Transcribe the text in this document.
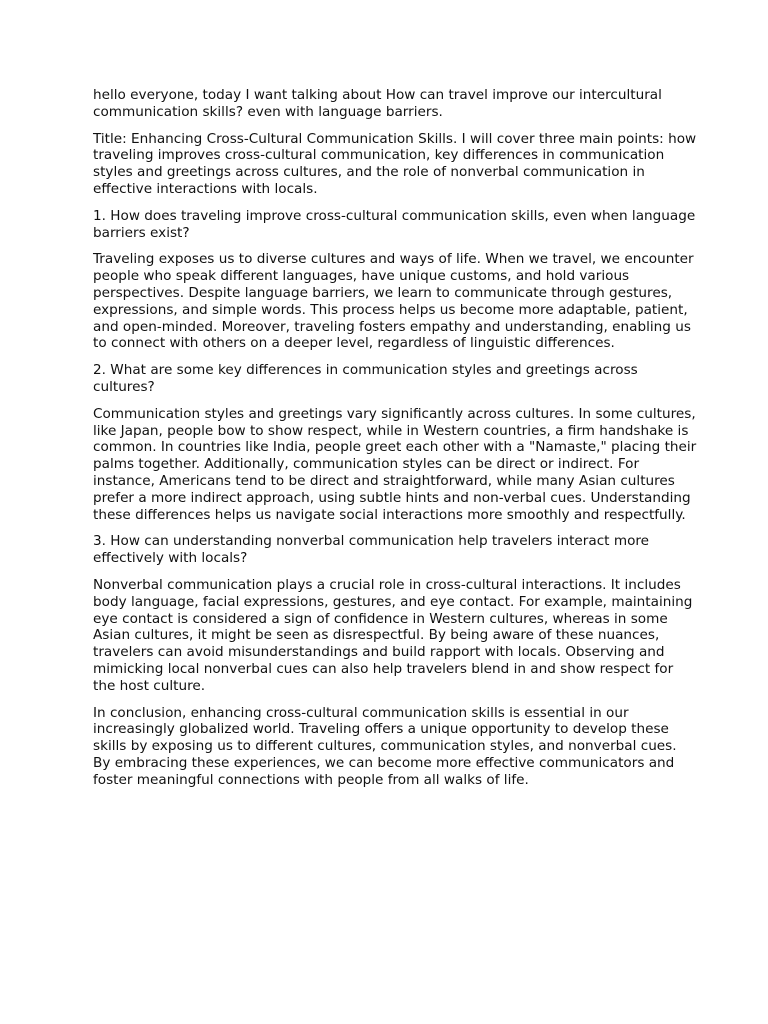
hello everyone, today I want talking about How can travel improve our intercultural communication skills? even with language barriers.

Title: Enhancing Cross-Cultural Communication Skills. I will cover three main points: how traveling improves cross-cultural communication, key differences in communication styles and greetings across cultures, and the role of nonverbal communication in effective interactions with locals.

1. How does traveling improve cross-cultural communication skills, even when language barriers exist?

Traveling exposes us to diverse cultures and ways of life. When we travel, we encounter people who speak different languages, have unique customs, and hold various perspectives. Despite language barriers, we learn to communicate through gestures, expressions, and simple words. This process helps us become more adaptable, patient, and open-minded. Moreover, traveling fosters empathy and understanding, enabling us to connect with others on a deeper level, regardless of linguistic differences.

2. What are some key differences in communication styles and greetings across cultures?

Communication styles and greetings vary significantly across cultures. In some cultures, like Japan, people bow to show respect, while in Western countries, a firm handshake is common. In countries like India, people greet each other with a "Namaste," placing their palms together. Additionally, communication styles can be direct or indirect. For instance, Americans tend to be direct and straightforward, while many Asian cultures prefer a more indirect approach, using subtle hints and non-verbal cues. Understanding these differences helps us navigate social interactions more smoothly and respectfully.

3. How can understanding nonverbal communication help travelers interact more effectively with locals?

Nonverbal communication plays a crucial role in cross-cultural interactions. It includes body language, facial expressions, gestures, and eye contact. For example, maintaining eye contact is considered a sign of confidence in Western cultures, whereas in some Asian cultures, it might be seen as disrespectful. By being aware of these nuances, travelers can avoid misunderstandings and build rapport with locals. Observing and mimicking local nonverbal cues can also help travelers blend in and show respect for the host culture.

In conclusion, enhancing cross-cultural communication skills is essential in our increasingly globalized world. Traveling offers a unique opportunity to develop these skills by exposing us to different cultures, communication styles, and nonverbal cues. By embracing these experiences, we can become more effective communicators and foster meaningful connections with people from all walks of life.
